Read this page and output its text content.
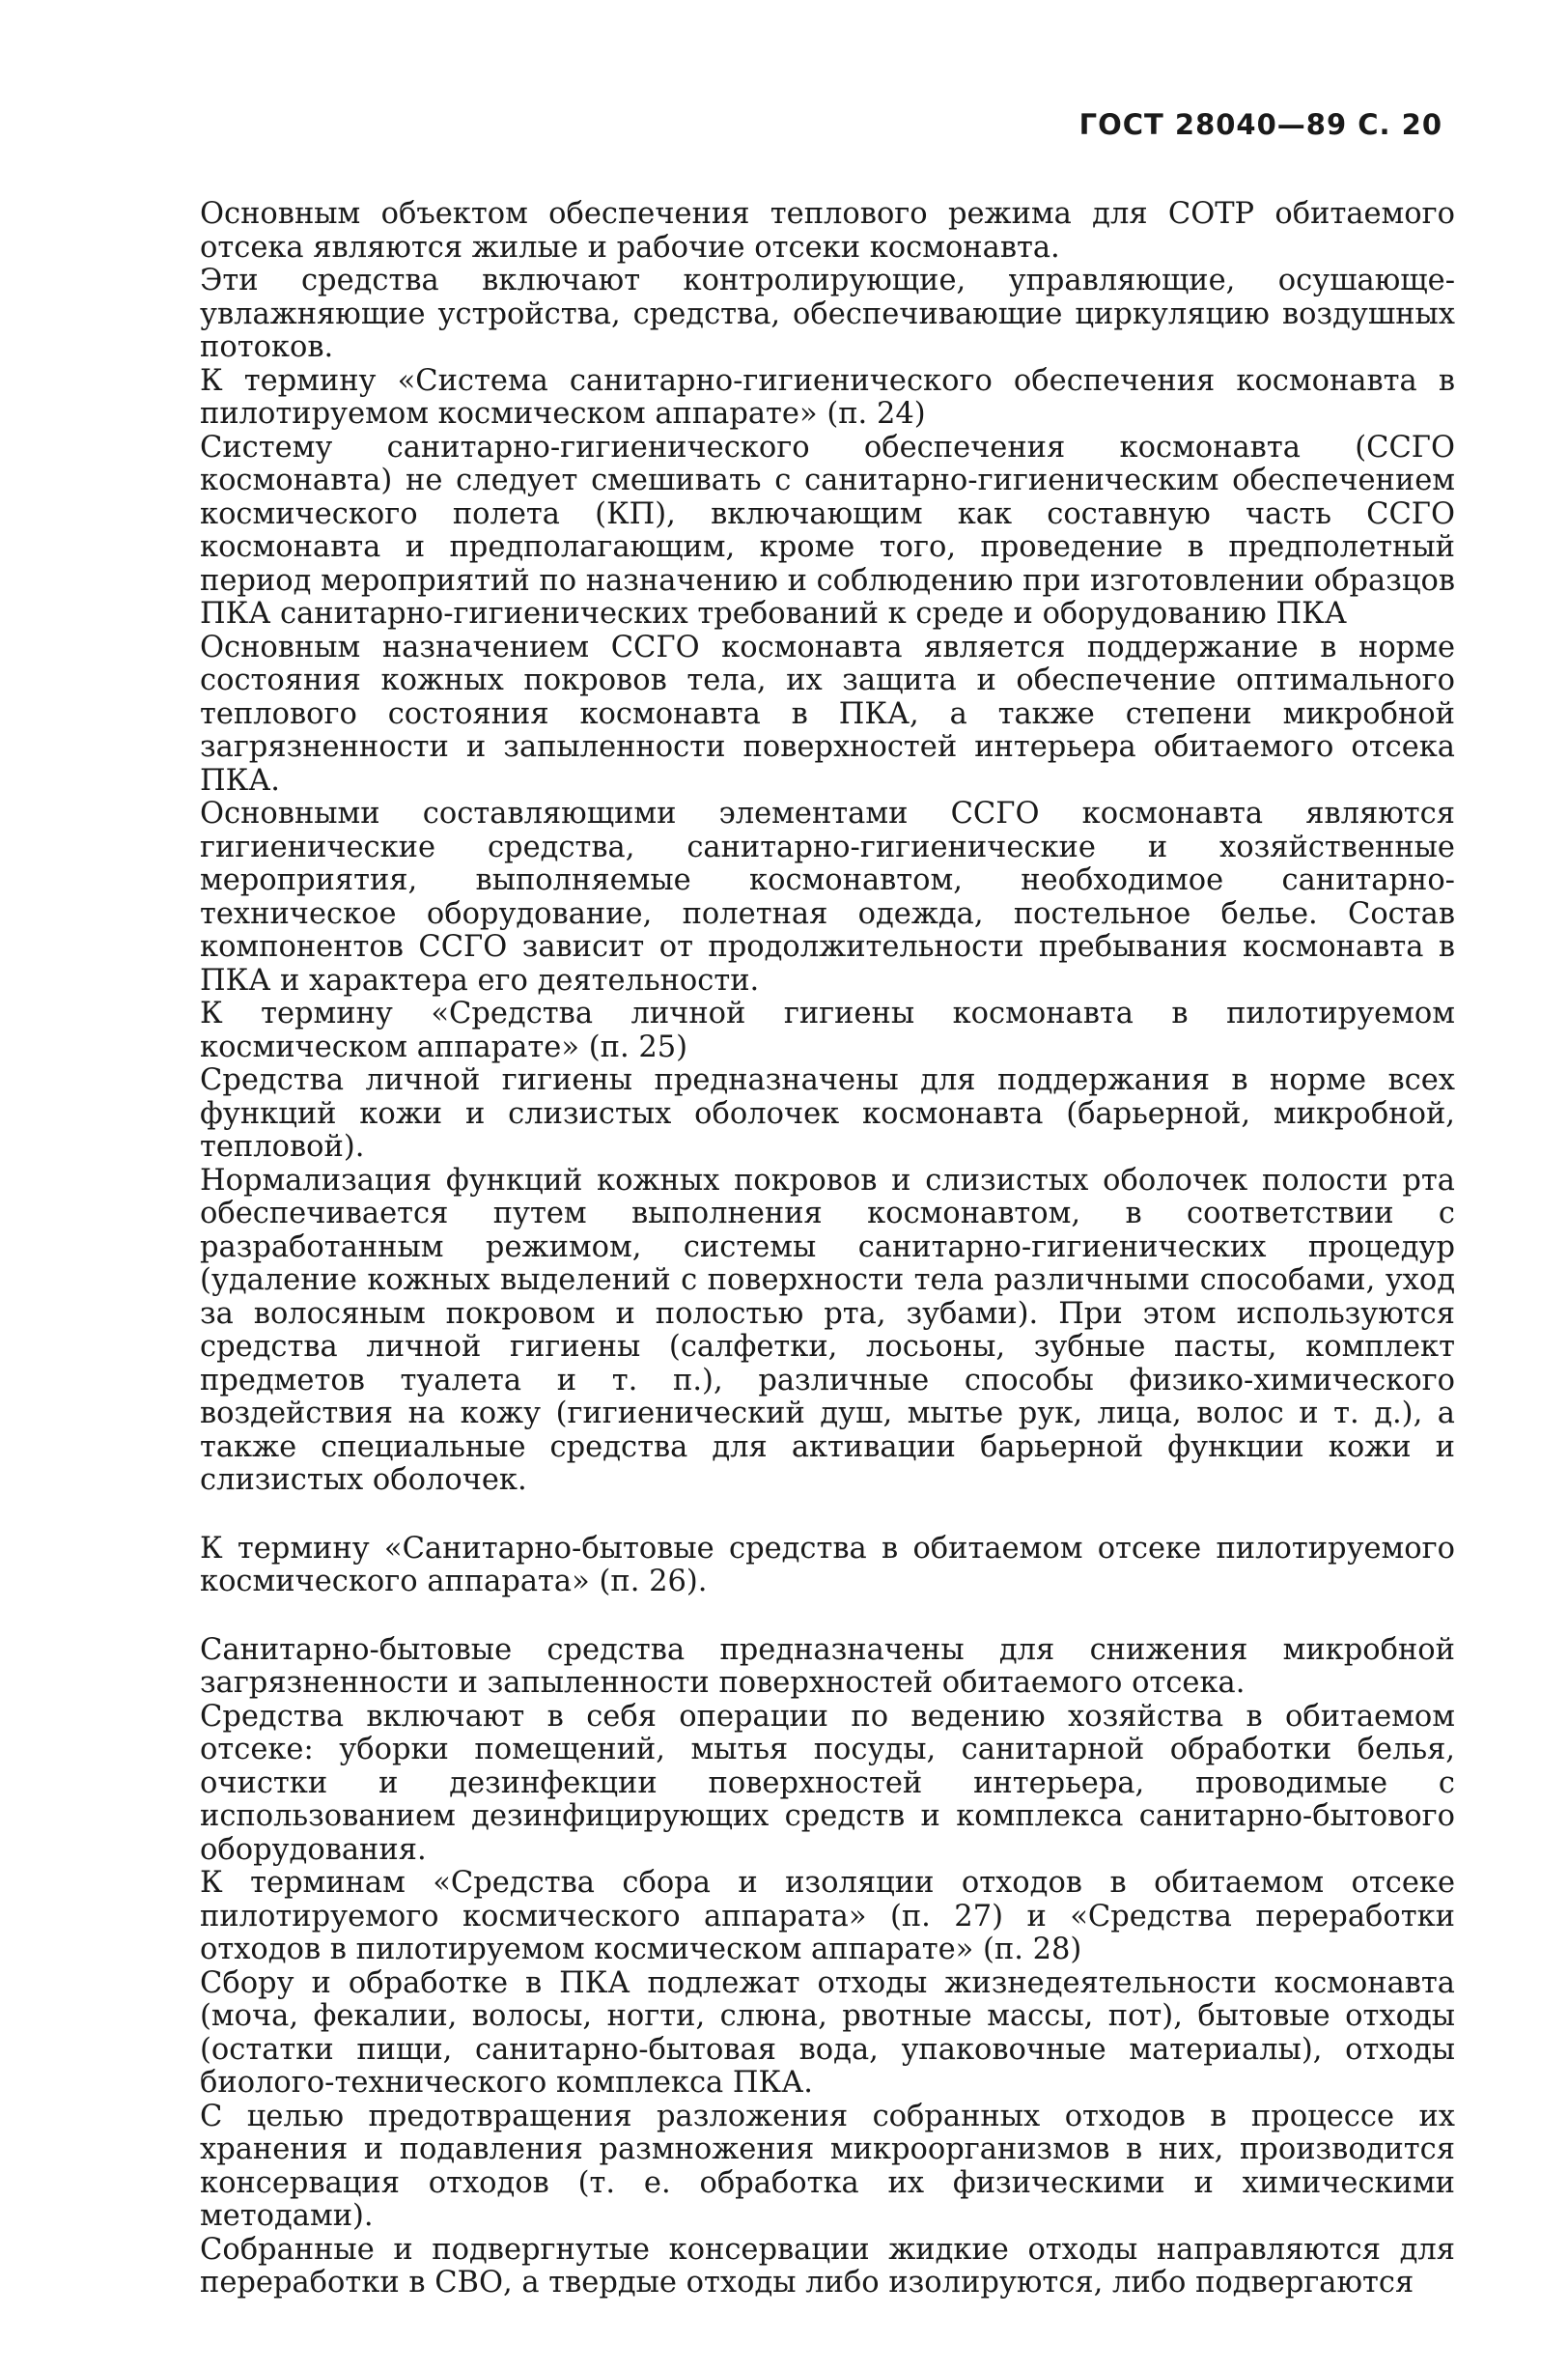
ГОСТ 28040—89 С. 20

Основным объектом обеспечения теплового режима для СОТР обитаемого отсека являются жилые и рабочие отсеки космонавта.

Эти средства включают контролирующие, управляющие, осушающе-увлажняющие устройства, средства, обеспечивающие циркуляцию воздушных потоков.

К термину «Система санитарно-гигиенического обеспечения космонавта в пилотируемом космическом аппарате» (п. 24)

Систему санитарно-гигиенического обеспечения космонавта (ССГО космонавта) не следует смешивать с санитарно-гигиеническим обеспечением космического полета (КП), включающим как составную часть ССГО космонавта и предполагающим, кроме того, проведение в предполетный период мероприятий по назначению и соблюдению при изготовлении образцов ПКА санитарно-гигиенических требований к среде и оборудованию ПКА

Основным назначением ССГО космонавта является поддержание в норме состояния кожных покровов тела, их защита и обеспечение оптимального теплового состояния космонавта в ПКА, а также степени микробной загрязненности и запыленности поверхностей интерьера обитаемого отсека ПКА.

Основными составляющими элементами ССГО космонавта являются гигиенические средства, санитарно-гигиенические и хозяйственные мероприятия, выполняемые космонавтом, необходимое санитарно-техническое оборудование, полетная одежда, постельное белье. Состав компонентов ССГО зависит от продолжительности пребывания космонавта в ПКА и характера его деятельности.

К термину «Средства личной гигиены космонавта в пилотируемом космическом аппарате» (п. 25)

Средства личной гигиены предназначены для поддержания в норме всех функций кожи и слизистых оболочек космонавта (барьерной, микробной, тепловой).

Нормализация функций кожных покровов и слизистых оболочек полости рта обеспечивается путем выполнения космонавтом, в соответствии с разработанным режимом, системы санитарно-гигиенических процедур (удаление кожных выделений с поверхности тела различными способами, уход за волосяным покровом и полостью рта, зубами). При этом используются средства личной гигиены (салфетки, лосьоны, зубные пасты, комплект предметов туалета и т. п.), различные способы физико-химического воздействия на кожу (гигиенический душ, мытье рук, лица, волос и т. д.), а также специальные средства для активации барьерной функции кожи и слизистых оболочек.

К термину «Санитарно-бытовые средства в обитаемом отсеке пилотируемого космического аппарата» (п. 26).

Санитарно-бытовые средства предназначены для снижения микробной загрязненности и запыленности поверхностей обитаемого отсека.

Средства включают в себя операции по ведению хозяйства в обитаемом отсеке: уборки помещений, мытья посуды, санитарной обработки белья, очистки и дезинфекции поверхностей интерьера, проводимые с использованием дезинфицирующих средств и комплекса санитарно-бытового оборудования.

К терминам «Средства сбора и изоляции отходов в обитаемом отсеке пилотируемого космического аппарата» (п. 27) и «Средства переработки отходов в пилотируемом космическом аппарате» (п. 28)

Сбору и обработке в ПКА подлежат отходы жизнедеятельности космонавта (моча, фекалии, волосы, ногти, слюна, рвотные массы, пот), бытовые отходы (остатки пищи, санитарно-бытовая вода, упаковочные материалы), отходы биолого-технического комплекса ПКА.

С целью предотвращения разложения собранных отходов в процессе их хранения и подавления размножения микроорганизмов в них, производится консервация отходов (т. е. обработка их физическими и химическими методами).

Собранные и подвергнутые консервации жидкие отходы направляются для переработки в СВО, а твердые отходы либо изолируются, либо подвергаются
